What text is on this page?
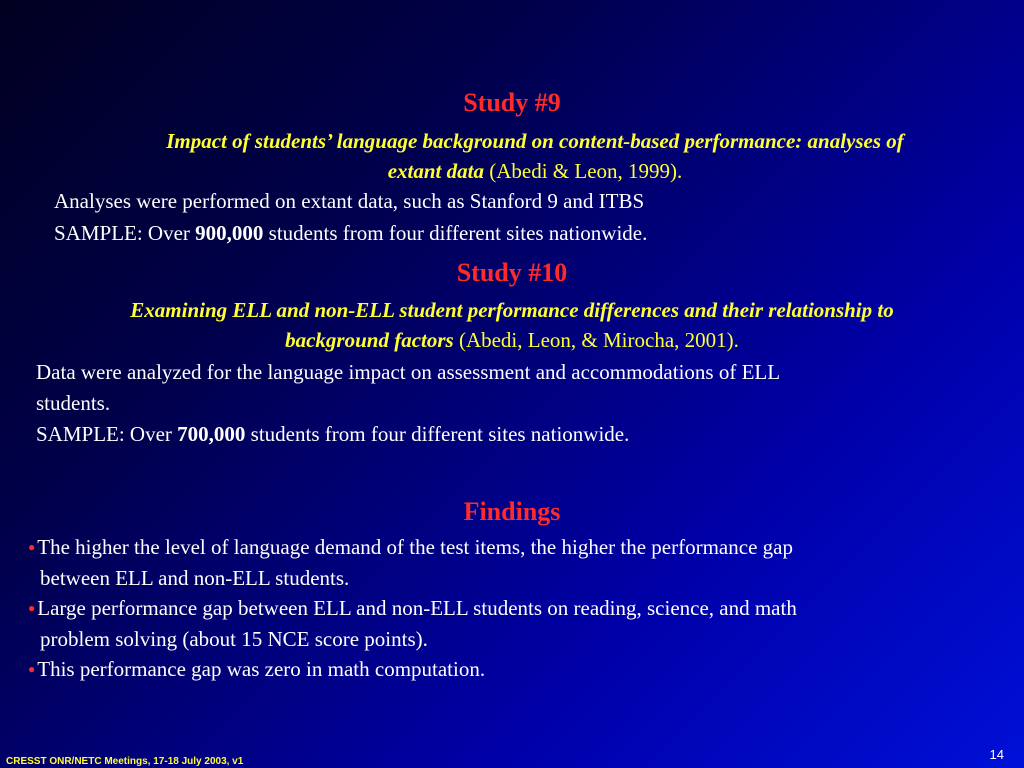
Study #9
Impact of students’ language background on content-based performance: analyses of
extant data (Abedi & Leon, 1999).
Analyses were performed on extant data, such as Stanford 9 and ITBS
SAMPLE: Over 900,000 students from four different sites nationwide.
Study #10
Examining ELL and non-ELL student performance differences and their relationship to
background factors (Abedi, Leon, & Mirocha, 2001).
Data were analyzed for the language impact on assessment and accommodations of ELL
students.
SAMPLE: Over 700,000 students from four different sites nationwide.
Findings
●The higher the level of language demand of the test items, the higher the performance gap
between ELL and non-ELL students.
●Large performance gap between ELL and non-ELL students on reading, science, and math
problem solving (about 15 NCE score points).
●This performance gap was zero in math computation.
CRESST ONR/NETC Meetings, 17-18 July 2003, v1	14
